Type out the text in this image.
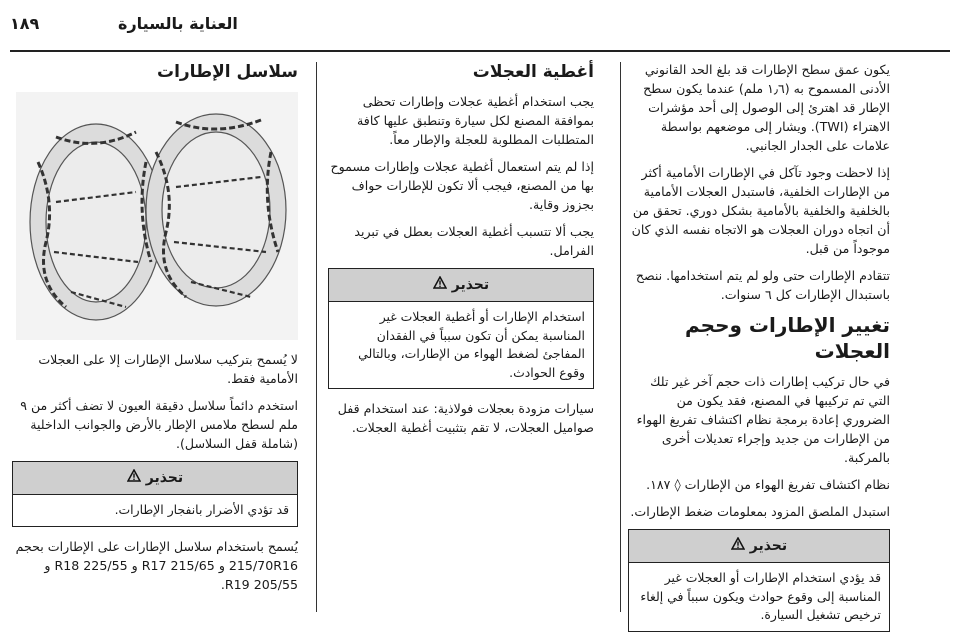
١٨٩	العناية بالسيارة

يكون عمق سطح الإطارات قد بلغ الحد القانوني الأدنى المسموح به (١٫٦ ملم) عندما يكون سطح الإطار قد اهترئ إلى الوصول إلى أحد مؤشرات الاهتراء (TWI). ويشار إلى موضعهم بواسطة علامات على الجدار الجانبي.

إذا لاحظت وجود تآكل في الإطارات الأمامية أكثر من الإطارات الخلفية، فاستبدل العجلات الأمامية بالخلفية والخلفية بالأمامية بشكل دوري. تحقق من أن اتجاه دوران العجلات هو الاتجاه نفسه الذي كان موجوداً من قبل.

تتقادم الإطارات حتى ولو لم يتم استخدامها. ننصح باستبدال الإطارات كل ٦ سنوات.

تغيير الإطارات وحجم العجلات

في حال تركيب إطارات ذات حجم آخر غير تلك التي تم تركيبها في المصنع، فقد يكون من الضروري إعادة برمجة نظام اكتشاف تفريغ الهواء من الإطارات من جديد وإجراء تعديلات أخرى بالمركبة.

نظام اكتشاف تفريغ الهواء من الإطارات ◊ ١٨٧.

استبدل الملصق المزود بمعلومات ضغط الإطارات.

تحذير
قد يؤدي استخدام الإطارات أو العجلات غير المناسبة إلى وقوع حوادث ويكون سبباً في إلغاء ترخيص تشغيل السيارة.
أغطية العجلات

يجب استخدام أغطية عجلات وإطارات تحظى بموافقة المصنع لكل سيارة وتنطبق عليها كافة المتطلبات المطلوبة للعجلة والإطار معاً.

إذا لم يتم استعمال أغطية عجلات وإطارات مسموح بها من المصنع، فيجب ألا تكون للإطارات حواف بجزوز وقاية.

يجب ألا تتسبب أغطية العجلات بعطل في تبريد الفرامل.

تحذير
استخدام الإطارات أو أغطية العجلات غير المناسبة يمكن أن تكون سبباً في الفقدان المفاجئ لضغط الهواء من الإطارات، وبالتالي وقوع الحوادث.

سيارات مزودة بعجلات فولاذية: عند استخدام قفل صواميل العجلات، لا تقم بتثبيت أغطية العجلات.

سلاسل الإطارات

لا يُسمح بتركيب سلاسل الإطارات إلا على العجلات الأمامية فقط.

استخدم دائماً سلاسل دقيقة العيون لا تضف أكثر من ٩ ملم لسطح ملامس الإطار بالأرض والجوانب الداخلية (شاملة قفل السلاسل).

تحذير
قد تؤدي الأضرار بانفجار الإطارات.

يُسمح باستخدام سلاسل الإطارات على الإطارات بحجم 215/70R16 و 215/65 R17 و 225/55 R18 و 205/55 R19.
